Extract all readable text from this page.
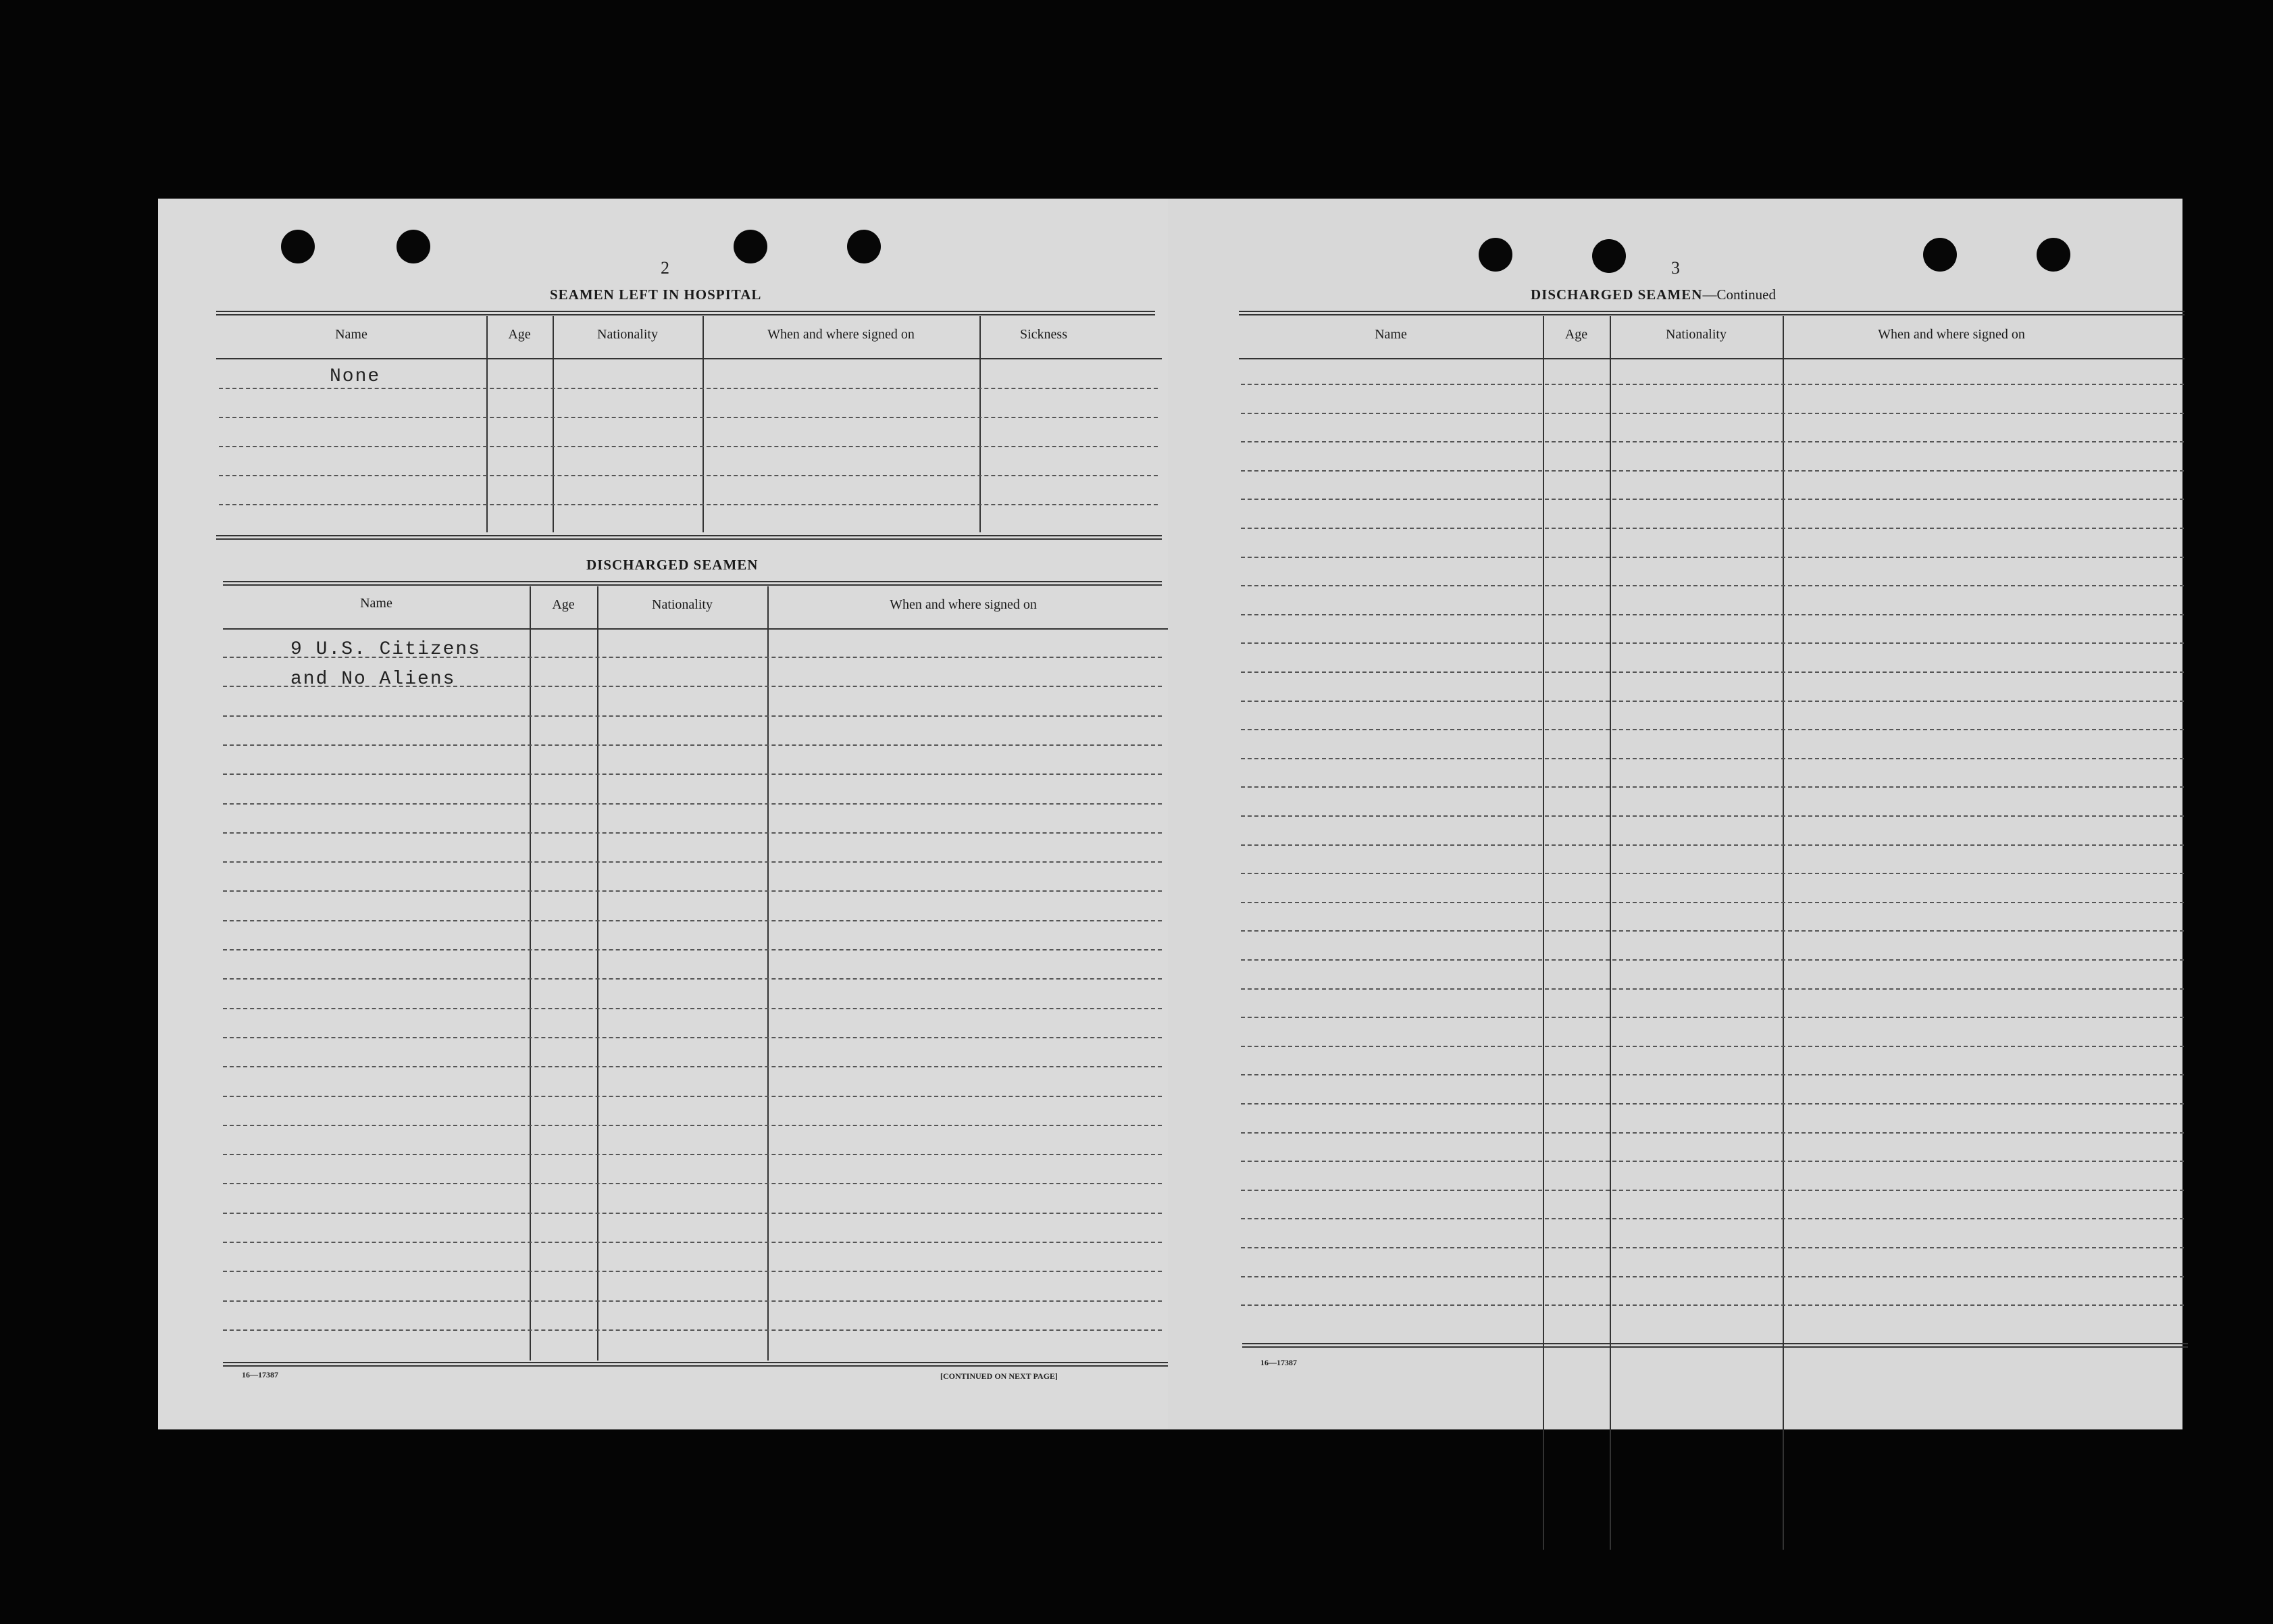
2
SEAMEN LEFT IN HOSPITAL
Name	Age	Nationality	When and where signed on	Sickness
None
DISCHARGED SEAMEN
Name	Age	Nationality	When and where signed on
9 U.S. Citizens
and No Aliens
16—17387	[CONTINUED ON NEXT PAGE]
3
DISCHARGED SEAMEN—Continued
Name	Age	Nationality	When and where signed on
16—17387
